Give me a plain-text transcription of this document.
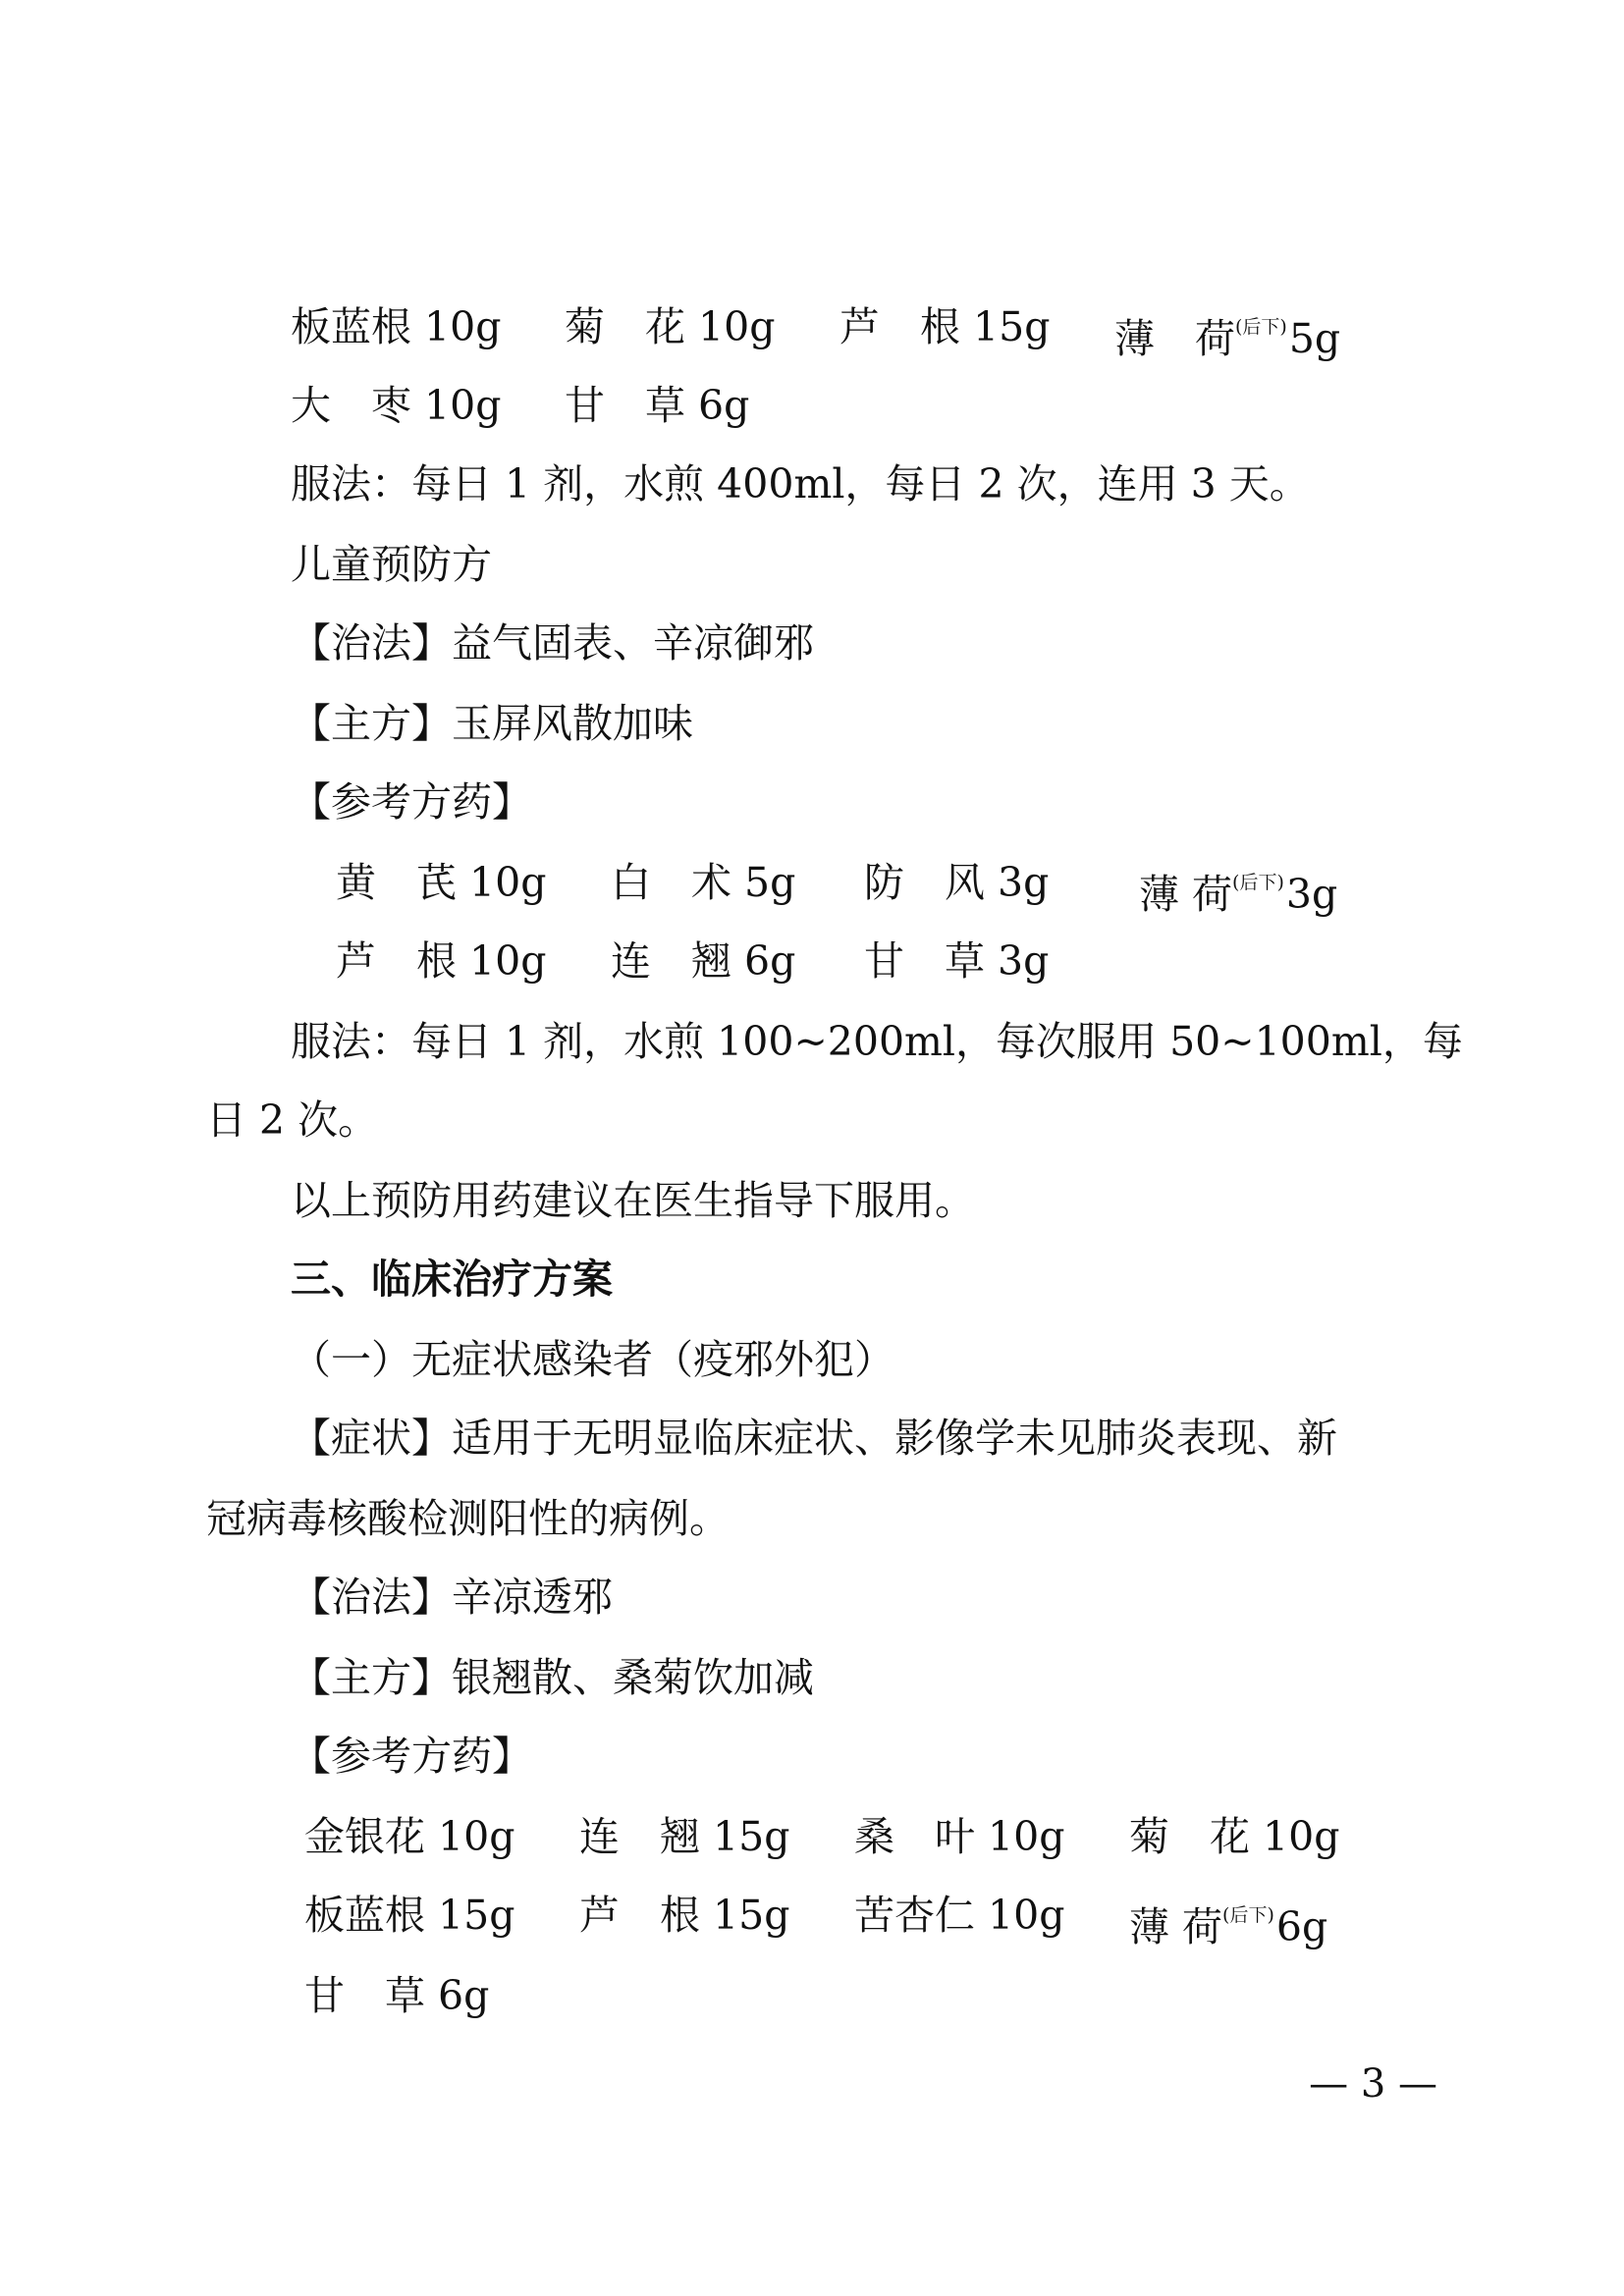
板蓝根 10g 菊　花 10g 芦　根 15g 薄　荷$^{(后下)}$5g
大　枣 10g 甘　草 6g
服法：每日 1 剂，水煎 400ml，每日 2 次，连用 3 天。
儿童预防方
【治法】益气固表、辛凉御邪
【主方】玉屏风散加味
【参考方药】
黄　芪 10g 白　术 5g 防　风 3g 薄 荷$^{(后下)}$3g
芦　根 10g 连　翘 6g 甘　草 3g
服法：每日 1 剂，水煎 100~200ml，每次服用 50~100ml，每
日 2 次。
以上预防用药建议在医生指导下服用。
三、临床治疗方案
（一）无症状感染者（疫邪外犯）
【症状】适用于无明显临床症状、影像学未见肺炎表现、新
冠病毒核酸检测阳性的病例。
【治法】辛凉透邪
【主方】银翘散、桑菊饮加减
【参考方药】
金银花 10g 连　翘 15g 桑　叶 10g 菊　花 10g
板蓝根 15g 芦　根 15g 苦杏仁 10g 薄 荷$^{(后下)}$6g
甘　草 6g
— 3 —
